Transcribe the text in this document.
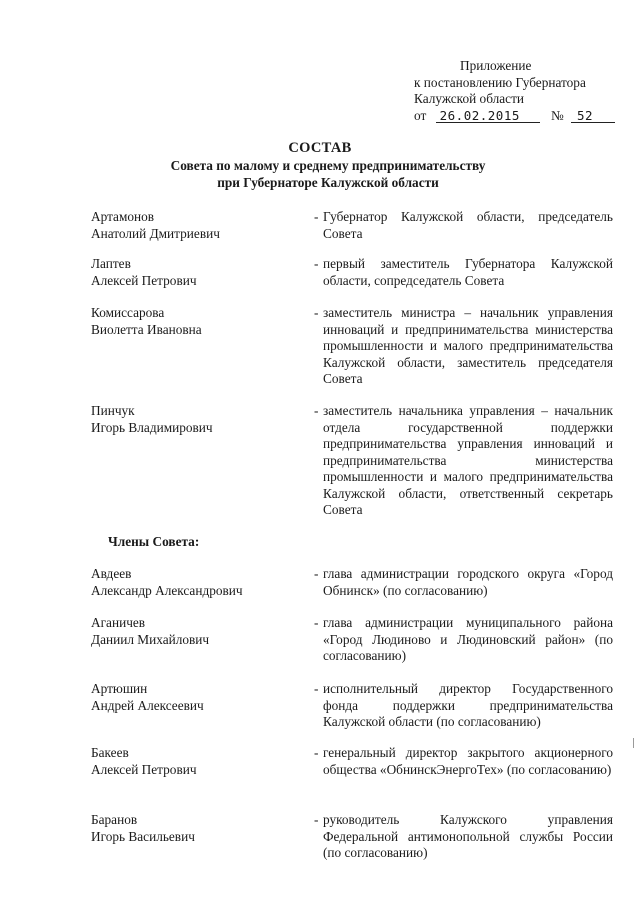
Приложение
к постановлению Губернатора
Калужской области
от 26.02.2015 № 52
СОСТАВ
Совета по малому и среднему предпринимательству
при Губернаторе Калужской области
Артамонов
Анатолий Дмитриевич
- Губернатор Калужской области, председатель Совета
Лаптев
Алексей Петрович
- первый заместитель Губернатора Калужской области, сопредседатель Совета
Комиссарова
Виолетта Ивановна
- заместитель министра – начальник управления инноваций и предпринимательства министерства промышленности и малого предпринимательства Калужской области, заместитель председателя Совета
Пинчук
Игорь Владимирович
- заместитель начальника управления – начальник отдела государственной поддержки предпринимательства управления инноваций и предпринимательства министерства промышленности и малого предпринимательства Калужской области, ответственный секретарь Совета
Члены Совета:
Авдеев
Александр Александрович
- глава администрации городского округа «Город Обнинск» (по согласованию)
Аганичев
Даниил Михайлович
- глава администрации муниципального района «Город Людиново и Людиновский район» (по согласованию)
Артюшин
Андрей Алексеевич
- исполнительный директор Государственного фонда поддержки предпринимательства Калужской области (по согласованию)
Бакеев
Алексей Петрович
- генеральный директор закрытого акционерного общества «ОбнинскЭнергоТех» (по согласованию)
Баранов
Игорь Васильевич
- руководитель Калужского управления Федеральной антимонопольной службы России (по согласованию)
